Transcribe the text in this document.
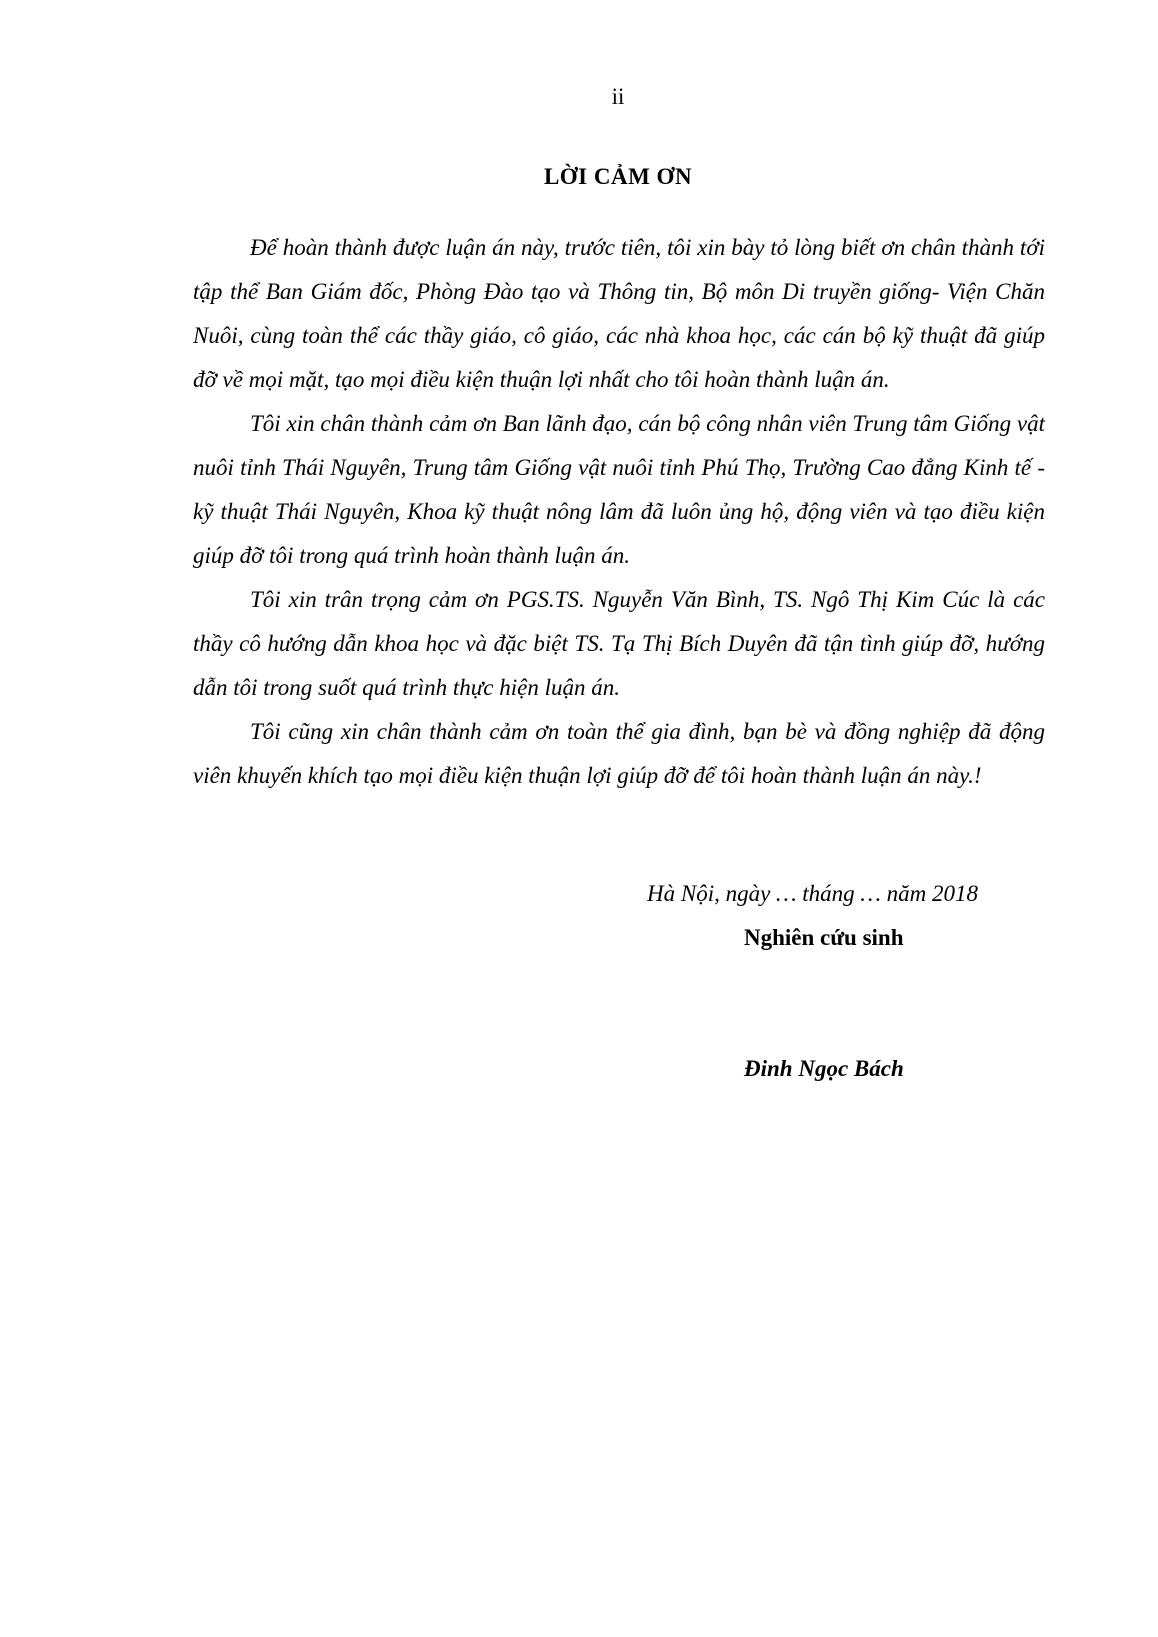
ii
LỜI CẢM ƠN

Để hoàn thành được luận án này, trước tiên, tôi xin bày tỏ lòng biết ơn chân thành tới tập thể Ban Giám đốc, Phòng Đào tạo và Thông tin, Bộ môn Di truyền giống- Viện Chăn Nuôi, cùng toàn thể các thầy giáo, cô giáo, các nhà khoa học, các cán bộ kỹ thuật đã giúp đỡ về mọi mặt, tạo mọi điều kiện thuận lợi nhất cho tôi hoàn thành luận án.

Tôi xin chân thành cảm ơn Ban lãnh đạo, cán bộ công nhân viên Trung tâm Giống vật nuôi tỉnh Thái Nguyên, Trung tâm Giống vật nuôi tỉnh Phú Thọ, Trường Cao đẳng Kinh tế - kỹ thuật Thái Nguyên, Khoa kỹ thuật nông lâm đã luôn ủng hộ, động viên và tạo điều kiện giúp đỡ tôi trong quá trình hoàn thành luận án.

Tôi xin trân trọng cảm ơn PGS.TS. Nguyễn Văn Bình, TS. Ngô Thị Kim Cúc là các thầy cô hướng dẫn khoa học và đặc biệt TS. Tạ Thị Bích Duyên đã tận tình giúp đỡ, hướng dẫn tôi trong suốt quá trình thực hiện luận án.

Tôi cũng xin chân thành cảm ơn toàn thể gia đình, bạn bè và đồng nghiệp đã động viên khuyến khích tạo mọi điều kiện thuận lợi giúp đỡ để tôi hoàn thành luận án này.!

Hà Nội, ngày … tháng … năm 2018
Nghiên cứu sinh
Đinh Ngọc Bách
